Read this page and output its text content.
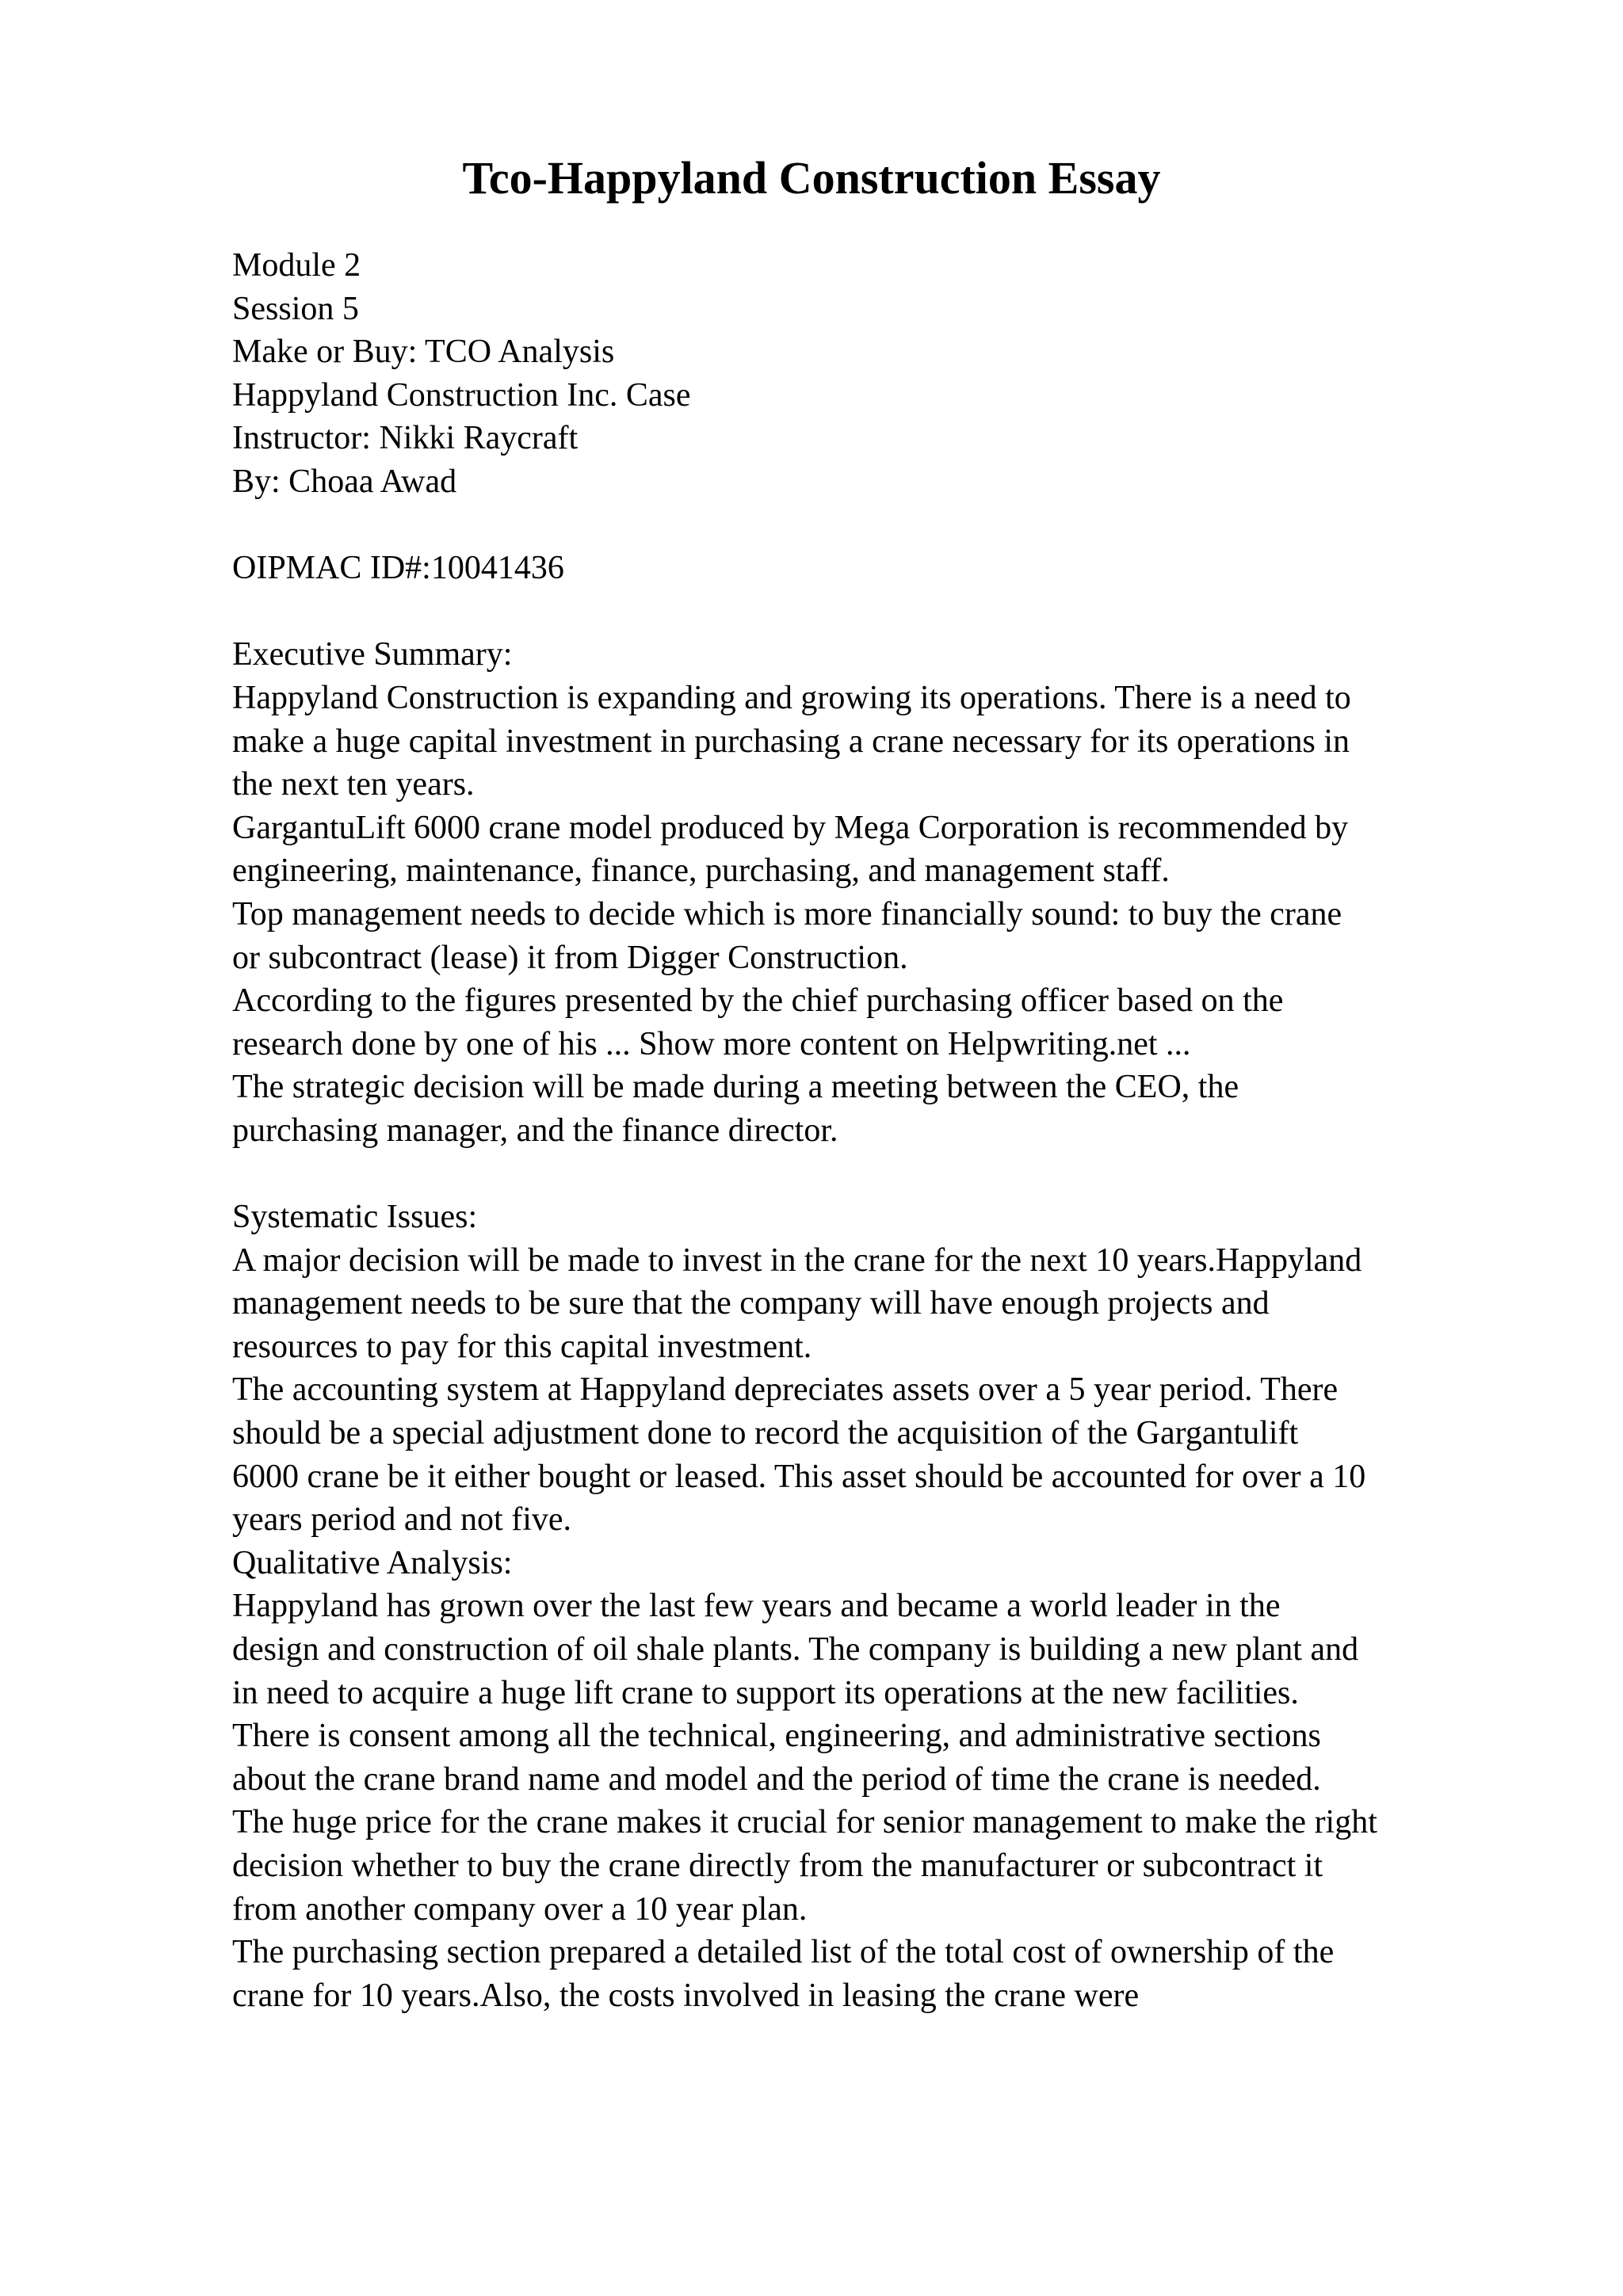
Tco-Happyland Construction Essay
Module 2
Session 5
Make or Buy: TCO Analysis
Happyland Construction Inc. Case
Instructor: Nikki Raycraft
By: Choaa Awad
OIPMAC ID#:10041436
Executive Summary:
Happyland Construction is expanding and growing its operations. There is a need to
make a huge capital investment in purchasing a crane necessary for its operations in
the next ten years.
GargantuLift 6000 crane model produced by Mega Corporation is recommended by
engineering, maintenance, finance, purchasing, and management staff.
Top management needs to decide which is more financially sound: to buy the crane
or subcontract (lease) it from Digger Construction.
According to the figures presented by the chief purchasing officer based on the
research done by one of his ... Show more content on Helpwriting.net ...
The strategic decision will be made during a meeting between the CEO, the
purchasing manager, and the finance director.
Systematic Issues:
A major decision will be made to invest in the crane for the next 10 years.Happyland
management needs to be sure that the company will have enough projects and
resources to pay for this capital investment.
The accounting system at Happyland depreciates assets over a 5 year period. There
should be a special adjustment done to record the acquisition of the Gargantulift
6000 crane be it either bought or leased. This asset should be accounted for over a 10
years period and not five.
Qualitative Analysis:
Happyland has grown over the last few years and became a world leader in the
design and construction of oil shale plants. The company is building a new plant and
in need to acquire a huge lift crane to support its operations at the new facilities.
There is consent among all the technical, engineering, and administrative sections
about the crane brand name and model and the period of time the crane is needed.
The huge price for the crane makes it crucial for senior management to make the right
decision whether to buy the crane directly from the manufacturer or subcontract it
from another company over a 10 year plan.
The purchasing section prepared a detailed list of the total cost of ownership of the
crane for 10 years.Also, the costs involved in leasing the crane were
